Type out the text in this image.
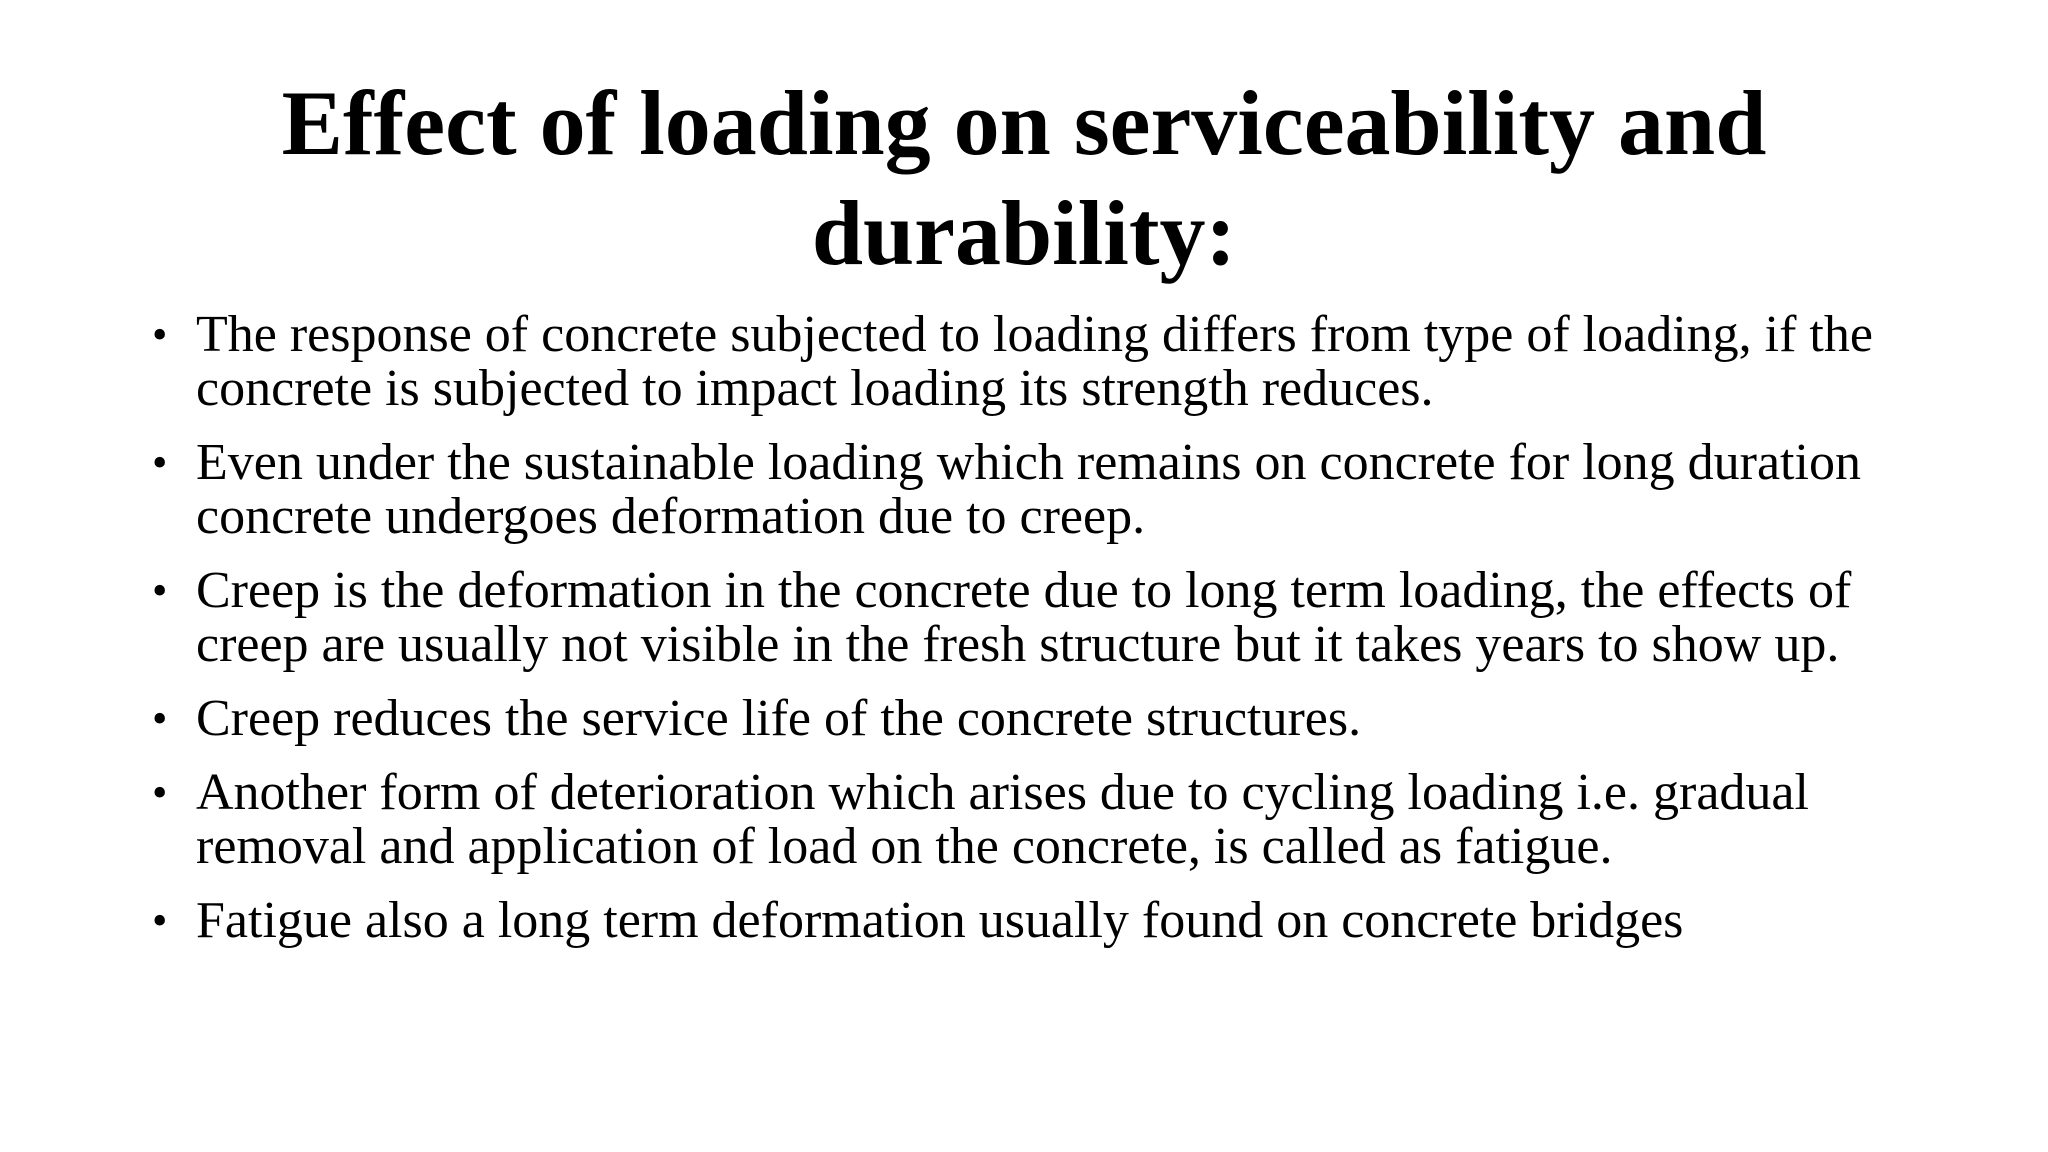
Effect of loading on serviceability and durability:
• The response of concrete subjected to loading differs from type of loading, if the concrete is subjected to impact loading its strength reduces.
• Even under the sustainable loading which remains on concrete for long duration concrete undergoes deformation due to creep.
• Creep is the deformation in the concrete due to long term loading, the effects of creep are usually not visible in the fresh structure but it takes years to show up.
• Creep reduces the service life of the concrete structures.
• Another form of deterioration which arises due to cycling loading i.e. gradual removal and application of load on the concrete, is called as fatigue.
• Fatigue also a long term deformation usually found on concrete bridges
